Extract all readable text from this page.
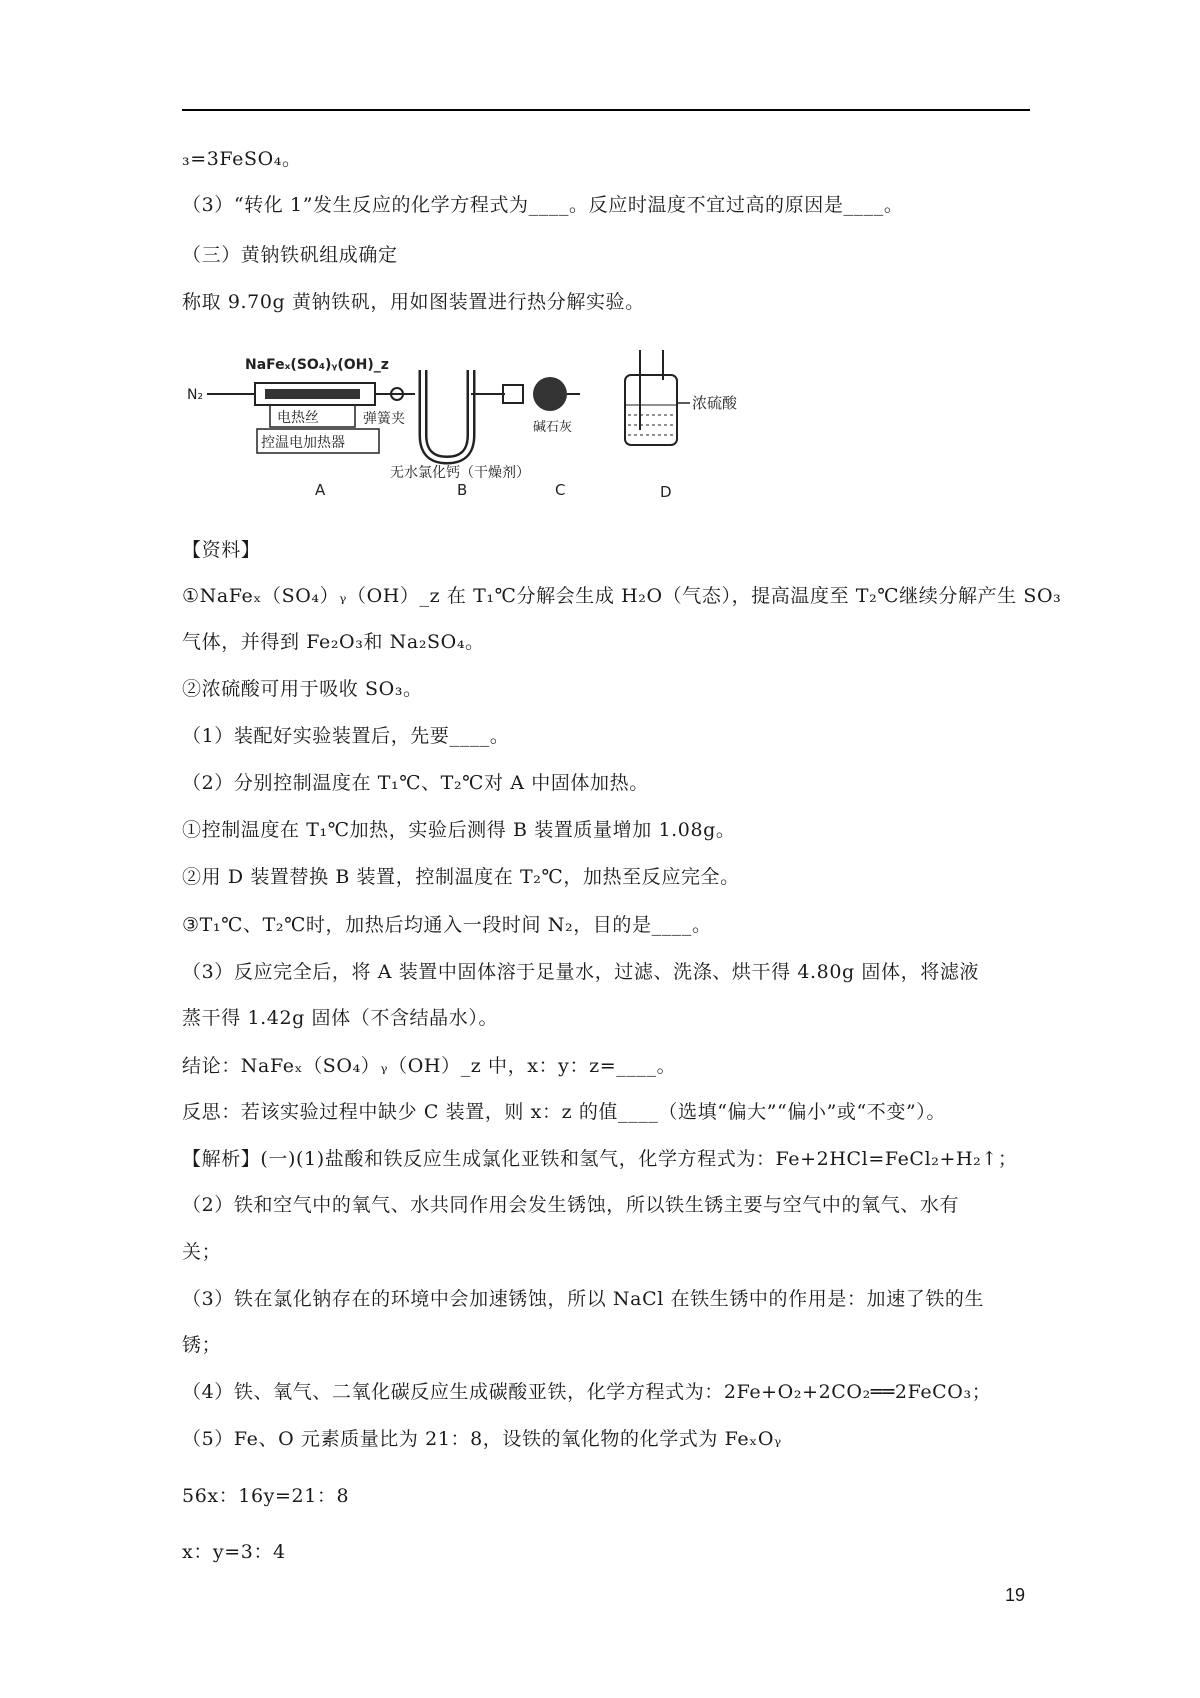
₃=3FeSO₄。
（3）“转化 1”发生反应的化学方程式为____。反应时温度不宜过高的原因是____。
（三）黄钠铁矾组成确定
称取 9.70g 黄钠铁矾，用如图装置进行热分解实验。
N₂
NaFeₓ(SO₄)ᵧ(OH)_z
电热丝
控温电加热器
弹簧夹
无水氯化钙（干燥剂）
碱石灰
浓硫酸
A	B	C	D
【资料】
①NaFeₓ（SO₄）ᵧ（OH）_z 在 T₁℃分解会生成 H₂O（气态），提高温度至 T₂℃继续分解产生 SO₃
气体，并得到 Fe₂O₃和 Na₂SO₄。
②浓硫酸可用于吸收 SO₃。
（1）装配好实验装置后，先要____。
（2）分别控制温度在 T₁℃、T₂℃对 A 中固体加热。
①控制温度在 T₁℃加热，实验后测得 B 装置质量增加 1.08g。
②用 D 装置替换 B 装置，控制温度在 T₂℃，加热至反应完全。
③T₁℃、T₂℃时，加热后均通入一段时间 N₂，目的是____。
（3）反应完全后，将 A 装置中固体溶于足量水，过滤、洗涤、烘干得 4.80g 固体，将滤液
蒸干得 1.42g 固体（不含结晶水）。
结论：NaFeₓ（SO₄）ᵧ（OH）_z 中，x：y：z=____。
反思：若该实验过程中缺少 C 装置，则 x：z 的值____（选填“偏大”“偏小”或“不变”）。
【解析】(一)(1)盐酸和铁反应生成氯化亚铁和氢气，化学方程式为：Fe+2HCl=FeCl₂+H₂↑；
（2）铁和空气中的氧气、水共同作用会发生锈蚀，所以铁生锈主要与空气中的氧气、水有
关；
（3）铁在氯化钠存在的环境中会加速锈蚀，所以 NaCl 在铁生锈中的作用是：加速了铁的生
锈；
（4）铁、氧气、二氧化碳反应生成碳酸亚铁，化学方程式为：2Fe+O₂+2CO₂══2FeCO₃；
（5）Fe、O 元素质量比为 21：8，设铁的氧化物的化学式为 FeₓOᵧ
56x：16y=21：8
x：y=3：4
19
